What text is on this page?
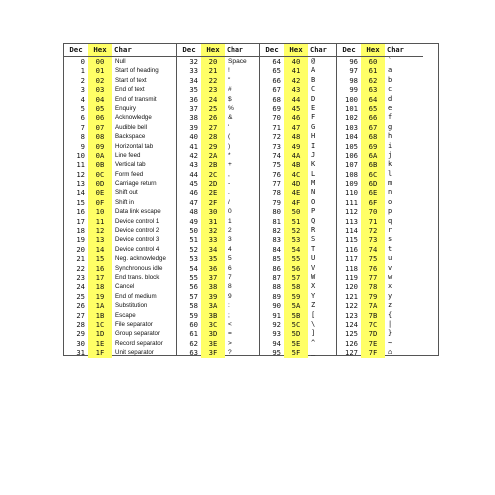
Dec	Hex Char
0	00	Null
1	01	Start of heading
2	02	Start of text
3	03	End of text
4	04	End of transmit
5	05	Enquiry
6	06	Acknowledge
7	07	Audible bell
8	08	Backspace
9	09	Horizontal tab
10	0A	Line feed
11	0B	Vertical tab
12	0C	Form feed
13	0D	Carriage return
14	0E	Shift out
15	0F	Shift in
16	10	Data link escape
17	11	Device control 1
18	12	Device control 2
19	13	Device control 3
20	14	Device control 4
21	15	Neg. acknowledge
22	16	Synchronous idle
23	17	End trans. block
24	18	Cancel
25	19	End of medium
26	1A	Substitution
27	1B	Escape
28	1C	File separator
29	1D	Group separator
30	1E	Record separator
31	1F	Unit separator
Dec	Hex	Char
32	20	Space
33	21	!
34	22	"
35	23	#
36	24	$
37	25	%
38	26	&
39	27	'
40	28	(
41	29	)
42	2A	*
43	2B	+
44	2C	,
45	2D	-
46	2E	.
47	2F	/
48	30	0
49	31	1
50	32	2
51	33	3
52	34	4
53	35	5
54	36	6
55	37	7
56	38	8
57	39	9
58	3A	:
59	3B	;
60	3C	<
61	3D	=
62	3E	>
63	3F	?
Dec	Hex	Char
64	40	@
65	41	A
66	42	B
67	43	C
68	44	D
69	45	E
70	46	F
71	47	G
72	48	H
73	49	I
74	4A	J
75	4B	K
76	4C	L
77	4D	M
78	4E	N
79	4F	O
80	50	P
81	51	Q
82	52	R
83	53	S
84	54	T
85	55	U
86	56	V
87	57	W
88	58	X
89	59	Y
90	5A	Z
91	5B	[
92	5C	\
93	5D	]
94	5E	^
95	5F	_
Dec	Hex	Char
96	60	`
97	61	a
98	62	b
99	63	c
100	64	d
101	65	e
102	66	f
103	67	g
104	68	h
105	69	i
106	6A	j
107	6B	k
108	6C	l
109	6D	m
110	6E	n
111	6F	o
112	70	p
113	71	q
114	72	r
115	73	s
116	74	t
117	75	u
118	76	v
119	77	w
120	78	x
121	79	y
122	7A	z
123	7B	{
124	7C	|
125	7D	}
126	7E	~
127	7F	⌂
